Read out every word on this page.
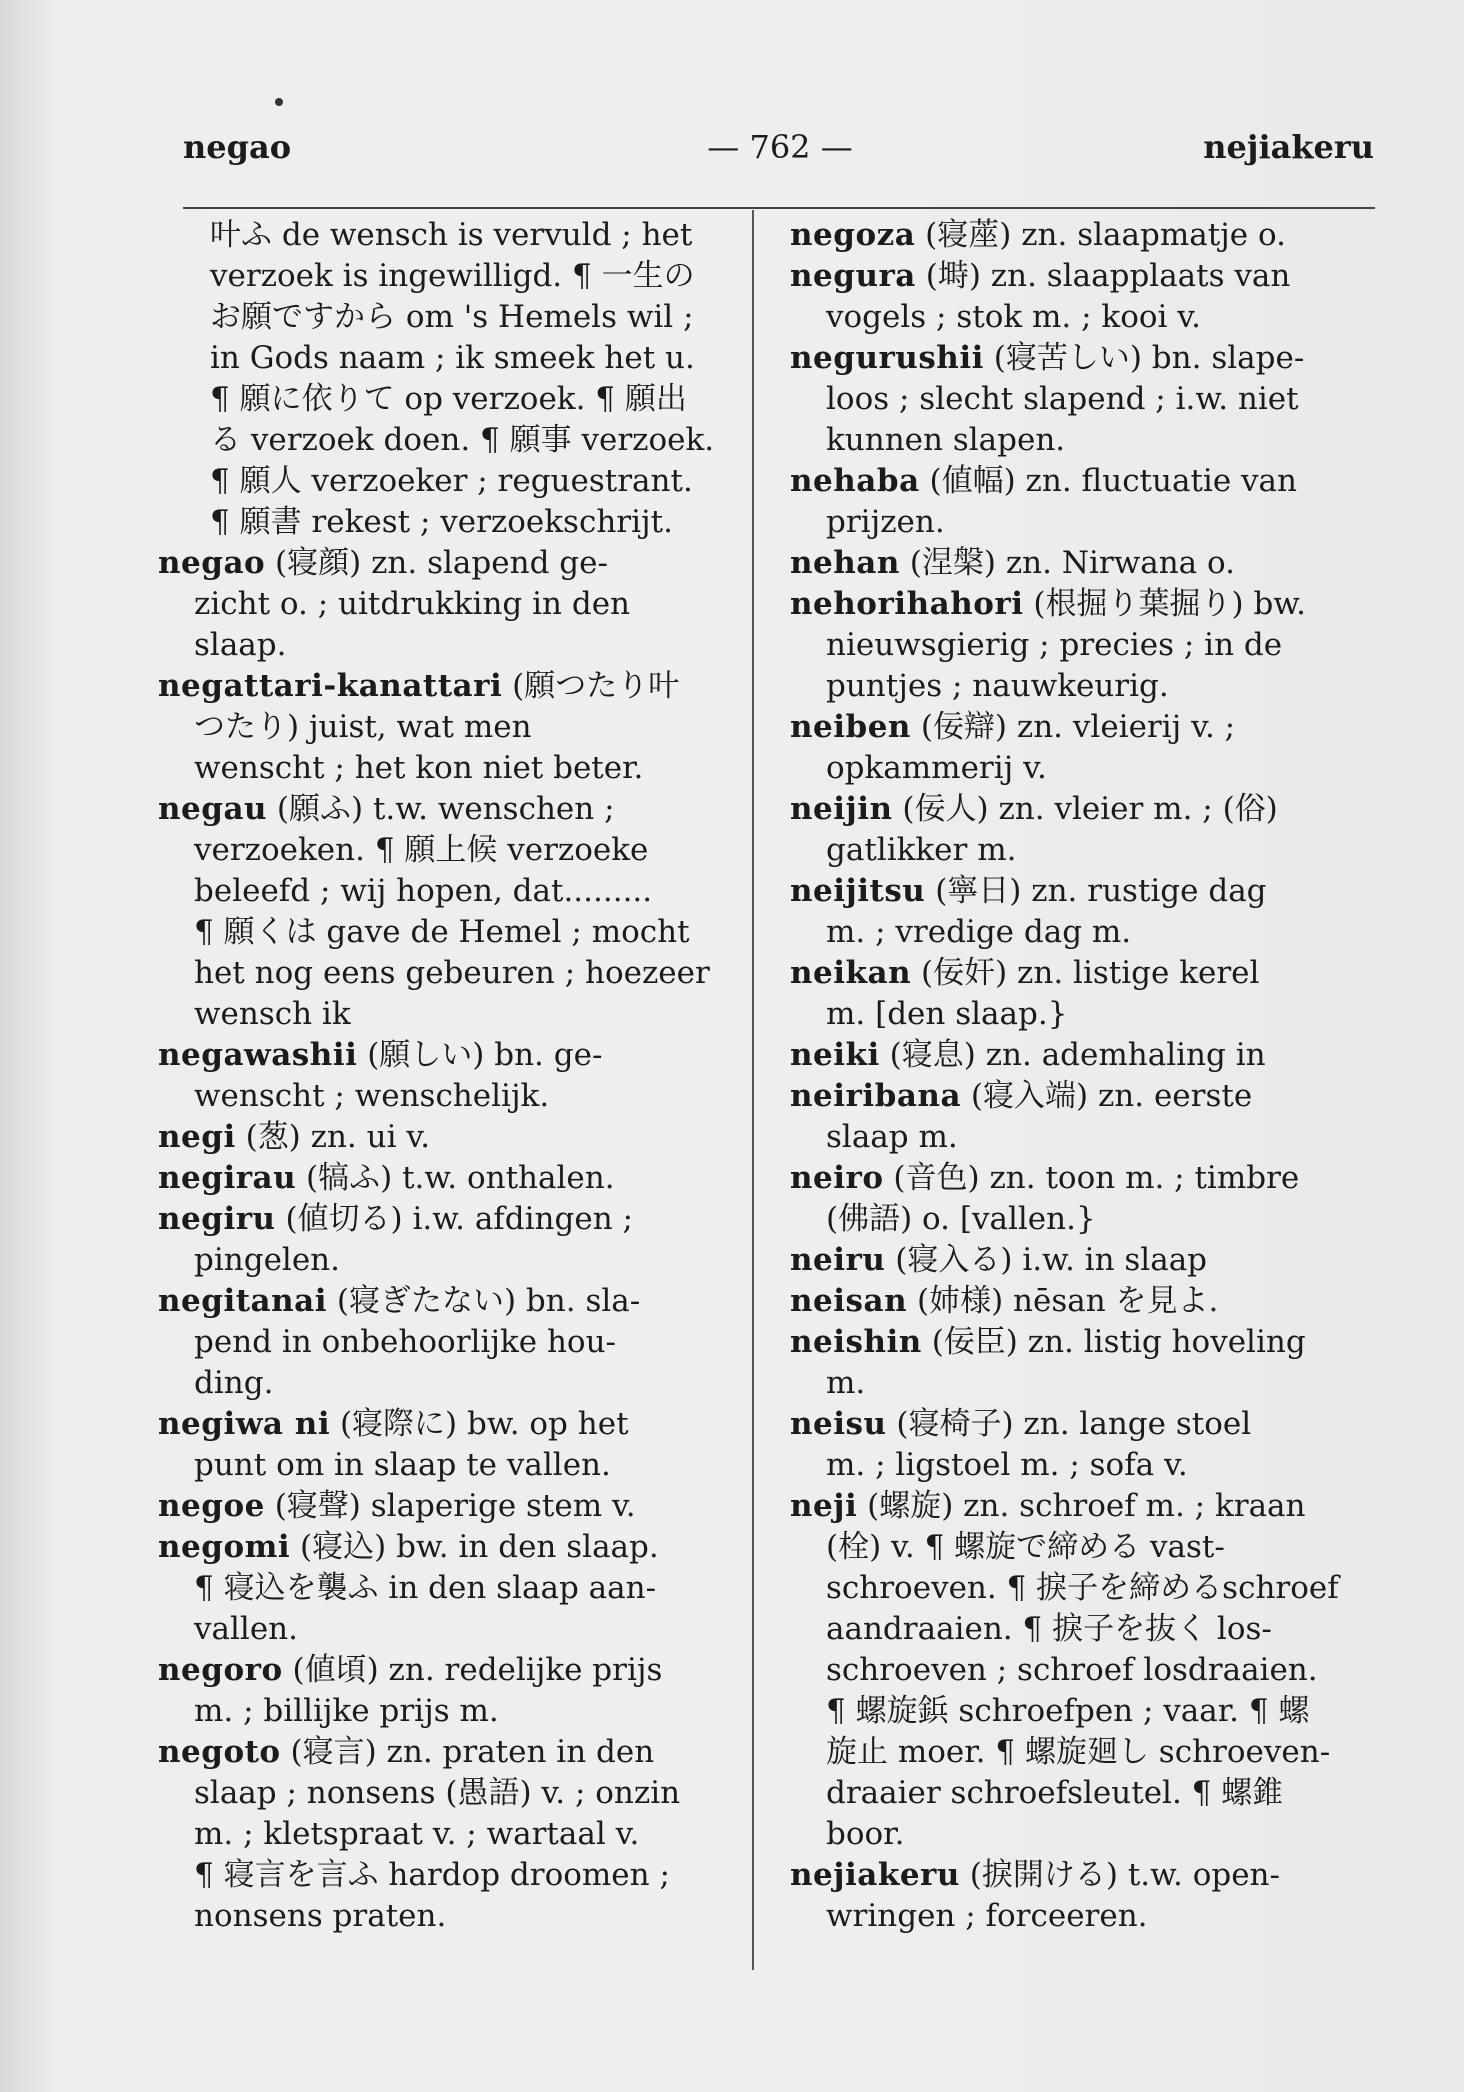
negao	— 762 —	nejiakeru
叶ふ de wensch is vervuld ; het
verzoek is ingewilligd. ¶ 一生の
お願ですから om 's Hemels wil ;
in Gods naam ; ik smeek het u.
¶ 願に依りて op verzoek. ¶ 願出
る verzoek doen. ¶ 願事 verzoek.
¶ 願人 verzoeker ; reguestrant.
¶ 願書 rekest ; verzoekschrijt.
negao (寝顔) zn. slapend ge-
zicht o. ; uitdrukking in den
slaap.
negattari-kanattari (願つたり叶
つたり) juist, wat men
wenscht ; het kon niet beter.
negau (願ふ) t.w. wenschen ;
verzoeken. ¶ 願上候 verzoeke
beleefd ; wij hopen, dat.........
¶ 願くは gave de Hemel ; mocht
het nog eens gebeuren ; hoezeer
wensch ik
negawashii (願しい) bn. ge-
wenscht ; wenschelijk.
negi (葱) zn. ui v.
negirau (犒ふ) t.w. onthalen.
negiru (値切る) i.w. afdingen ;
pingelen.
negitanai (寝ぎたない) bn. sla-
pend in onbehoorlijke hou-
ding.
negiwa ni (寝際に) bw. op het
punt om in slaap te vallen.
negoe (寝聲) slaperige stem v.
negomi (寝込) bw. in den slaap.
¶ 寝込を襲ふ in den slaap aan-
vallen.
negoro (値頃) zn. redelijke prijs
m. ; billijke prijs m.
negoto (寝言) zn. praten in den
slaap ; nonsens (愚語) v. ; onzin
m. ; kletspraat v. ; wartaal v.
¶ 寝言を言ふ hardop droomen ;
nonsens praten.
negoza (寝蓙) zn. slaapmatje o.
negura (塒) zn. slaapplaats van
vogels ; stok m. ; kooi v.
negurushii (寝苦しい) bn. slape-
loos ; slecht slapend ; i.w. niet
kunnen slapen.
nehaba (値幅) zn. fluctuatie van
prijzen.
nehan (涅槃) zn. Nirwana o.
nehorihahori (根掘り葉掘り) bw.
nieuwsgierig ; precies ; in de
puntjes ; nauwkeurig.
neiben (佞辯) zn. vleierij v. ;
opkammerij v.
neijin (佞人) zn. vleier m. ; (俗)
gatlikker m.
neijitsu (寧日) zn. rustige dag
m. ; vredige dag m.
neikan (佞奸) zn. listige kerel
m. [den slaap.}
neiki (寝息) zn. ademhaling in
neiribana (寝入端) zn. eerste
slaap m.
neiro (音色) zn. toon m. ; timbre
(佛語) o. [vallen.}
neiru (寝入る) i.w. in slaap
neisan (姉様) nēsan を見よ.
neishin (佞臣) zn. listig hoveling
m.
neisu (寝椅子) zn. lange stoel
m. ; ligstoel m. ; sofa v.
neji (螺旋) zn. schroef m. ; kraan
(栓) v. ¶ 螺旋で締める vast-
schroeven. ¶ 捩子を締めるschroef
aandraaien. ¶ 捩子を抜く los-
schroeven ; schroef losdraaien.
¶ 螺旋鋲 schroefpen ; vaar. ¶ 螺
旋止 moer. ¶ 螺旋廻し schroeven-
draaier schroefsleutel. ¶ 螺錐
boor.
nejiakeru (捩開ける) t.w. open-
wringen ; forceeren.
